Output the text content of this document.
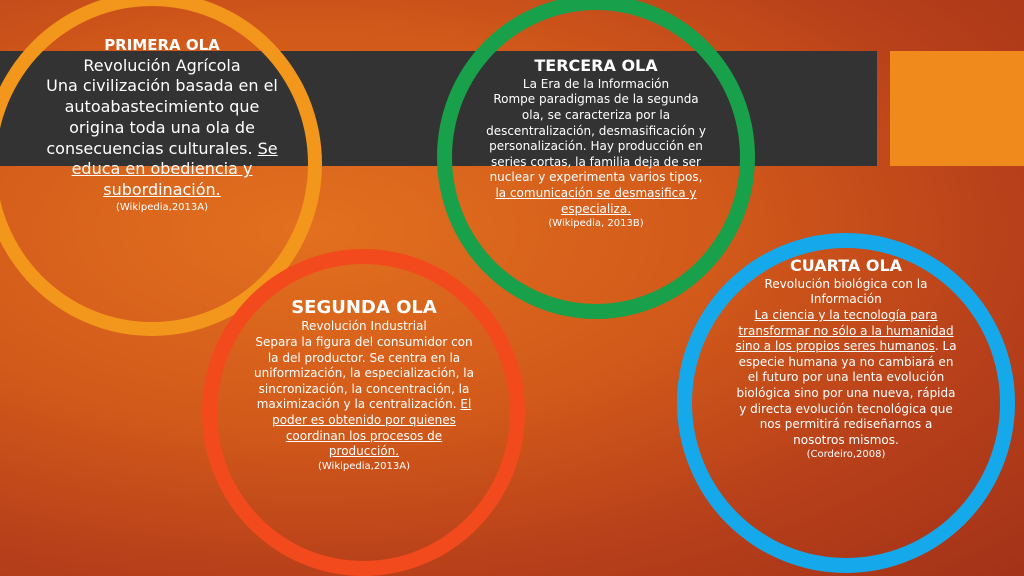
PRIMERA OLA
Revolución Agrícola
Una civilización basada en el autoabastecimiento que origina toda una ola de consecuencias culturales. Se educa en obediencia y subordinación.
(Wikipedia,2013A)
TERCERA OLA
La Era de la Información
Rompe paradigmas de la segunda ola, se caracteriza por la descentralización, desmasificación y personalización. Hay producción en series cortas, la familia deja de ser nuclear y experimenta varios tipos, la comunicación se desmasifica y especializa.
(Wikipedia, 2013B)
SEGUNDA OLA
Revolución Industrial
Separa la figura del consumidor con la del productor. Se centra en la uniformización, la especialización, la sincronización, la concentración, la maximización y la centralización. El poder es obtenido por quienes coordinan los procesos de producción.
(Wikipedia,2013A)
CUARTA OLA
Revolución biológica con la Información
La ciencia y la tecnología para transformar no sólo a la humanidad sino a los propios seres humanos. La especie humana ya no cambiará en el futuro por una lenta evolución biológica sino por una nueva, rápida y directa evolución tecnológica que nos permitirá rediseñarnos a nosotros mismos.
(Cordeiro,2008)
